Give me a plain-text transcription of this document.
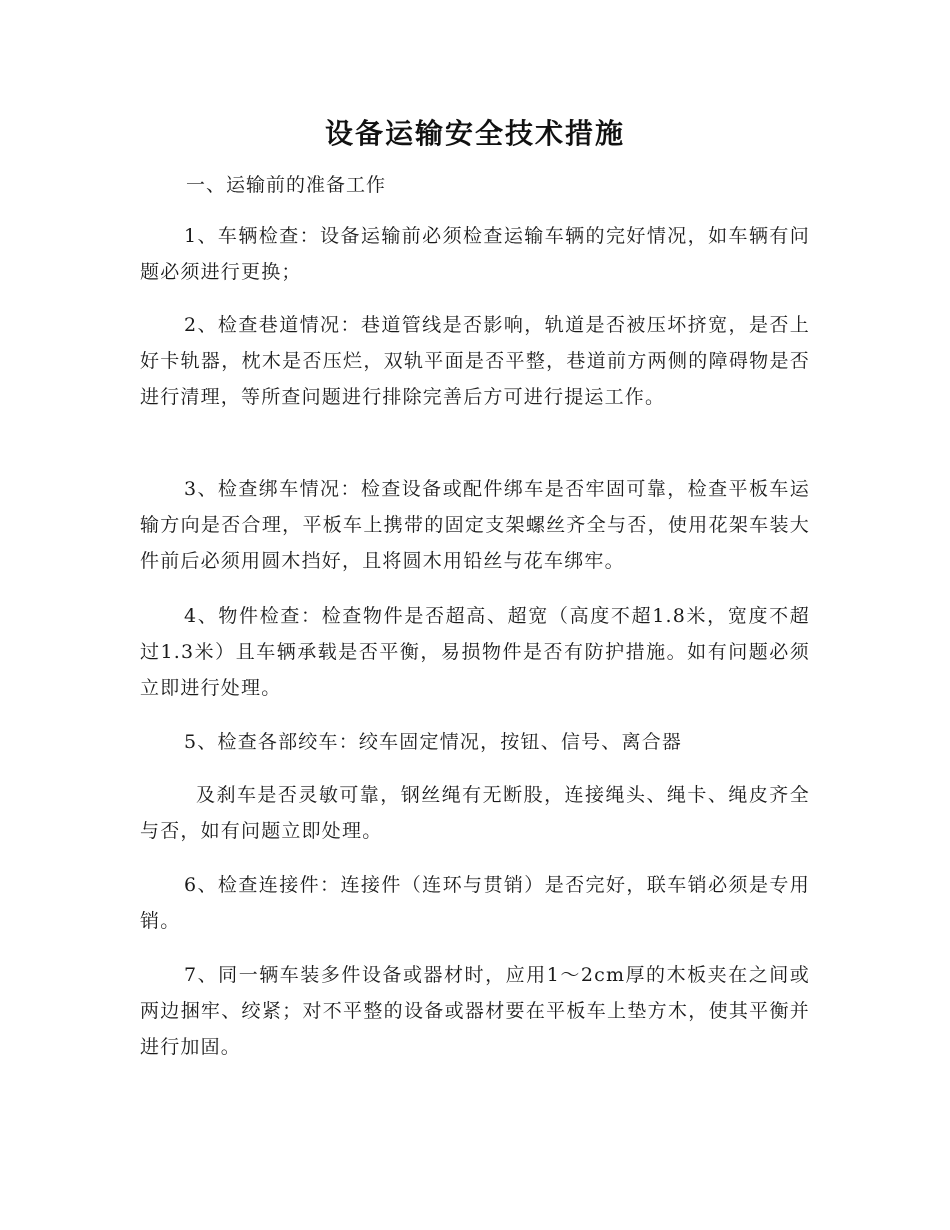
设备运输安全技术措施

一、运输前的准备工作

1、车辆检查：设备运输前必须检查运输车辆的完好情况，如车辆有问题必须进行更换；

2、检查巷道情况：巷道管线是否影响，轨道是否被压坏挤宽，是否上好卡轨器，枕木是否压烂，双轨平面是否平整，巷道前方两侧的障碍物是否进行清理，等所查问题进行排除完善后方可进行提运工作。

3、检查绑车情况：检查设备或配件绑车是否牢固可靠，检查平板车运输方向是否合理，平板车上携带的固定支架螺丝齐全与否，使用花架车装大件前后必须用圆木挡好，且将圆木用铅丝与花车绑牢。

4、物件检查：检查物件是否超高、超宽（高度不超1.8米，宽度不超过1.3米）且车辆承载是否平衡，易损物件是否有防护措施。如有问题必须立即进行处理。

5、检查各部绞车：绞车固定情况，按钮、信号、离合器

及刹车是否灵敏可靠，钢丝绳有无断股，连接绳头、绳卡、绳皮齐全与否，如有问题立即处理。

6、检查连接件：连接件（连环与贯销）是否完好，联车销必须是专用销。

7、同一辆车装多件设备或器材时，应用1～2cm厚的木板夹在之间或两边捆牢、绞紧；对不平整的设备或器材要在平板车上垫方木，使其平衡并进行加固。
